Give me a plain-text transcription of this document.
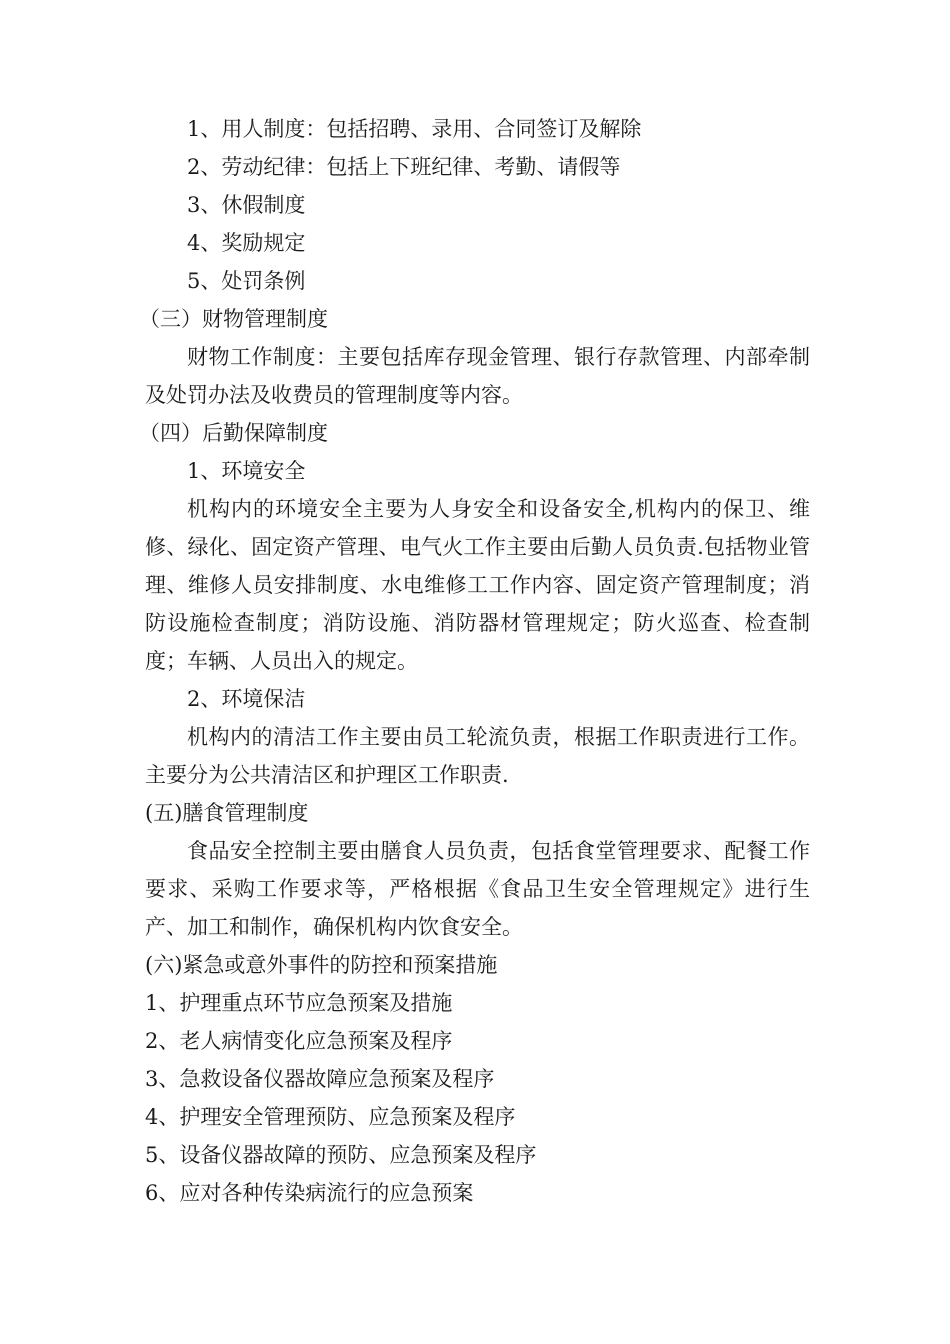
1、用人制度：包括招聘、录用、合同签订及解除

2、劳动纪律：包括上下班纪律、考勤、请假等

3、休假制度

4、奖励规定

5、处罚条例

（三）财物管理制度

财物工作制度：主要包括库存现金管理、银行存款管理、内部牵制及处罚办法及收费员的管理制度等内容。

（四）后勤保障制度

1、环境安全

机构内的环境安全主要为人身安全和设备安全,机构内的保卫、维修、绿化、固定资产管理、电气火工作主要由后勤人员负责.包括物业管理、维修人员安排制度、水电维修工工作内容、固定资产管理制度；消防设施检查制度；消防设施、消防器材管理规定；防火巡查、检查制度；车辆、人员出入的规定。

2、环境保洁

机构内的清洁工作主要由员工轮流负责，根据工作职责进行工作。主要分为公共清洁区和护理区工作职责.

(五)膳食管理制度

食品安全控制主要由膳食人员负责，包括食堂管理要求、配餐工作要求、采购工作要求等，严格根据《食品卫生安全管理规定》进行生产、加工和制作，确保机构内饮食安全。

(六)紧急或意外事件的防控和预案措施

1、护理重点环节应急预案及措施

2、老人病情变化应急预案及程序

3、急救设备仪器故障应急预案及程序

4、护理安全管理预防、应急预案及程序

5、设备仪器故障的预防、应急预案及程序

6、应对各种传染病流行的应急预案
